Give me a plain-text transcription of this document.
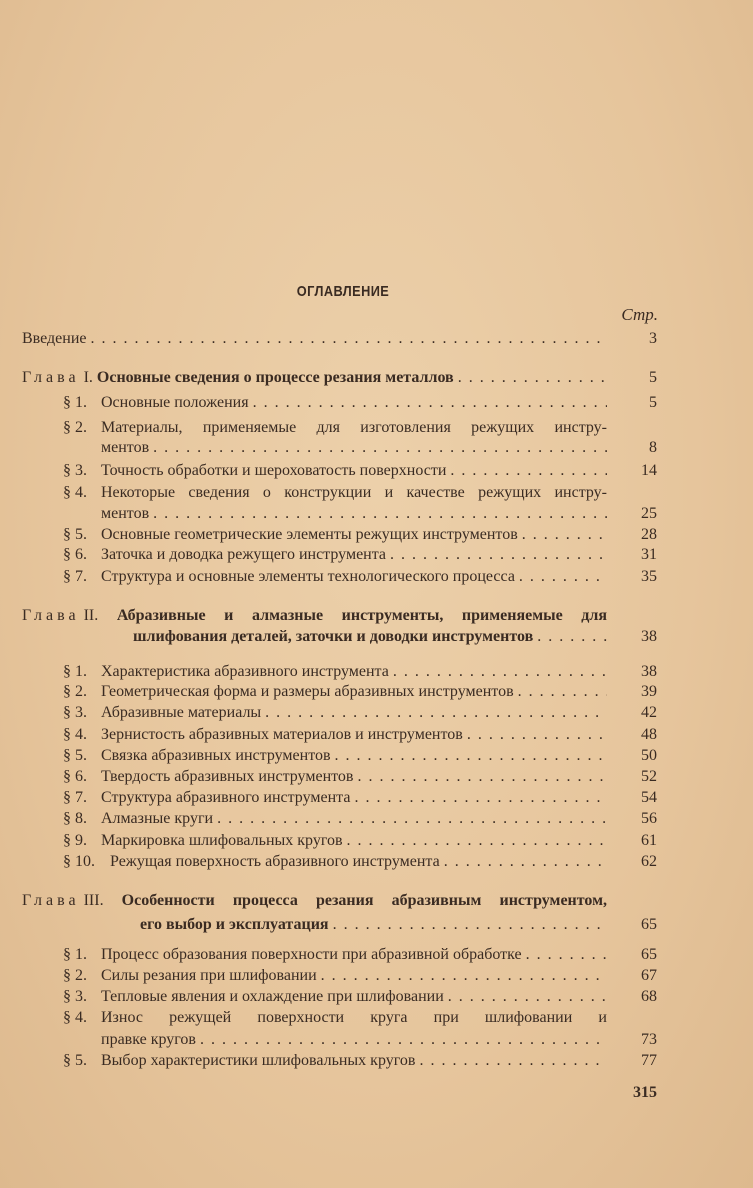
ОГЛАВЛЕНИЕ
Стр.
315
Введение . . .	3
Глава I. Основные сведения о процессе резания металлов . . .	5
§ 1. Основные положения . . .	5
§ 2. Материалы, применяемые для изготовления режущих инстру-
ментов . . .	8
§ 3. Точность обработки и шероховатость поверхности . . .	14
§ 4. Некоторые сведения о конструкции и качестве режущих инстру-
ментов . . .	25
§ 5. Основные геометрические элементы режущих инструментов . . .	28
§ 6. Заточка и доводка режущего инструмента . . .	31
§ 7. Структура и основные элементы технологического процесса . . .	35
Глава II. Абразивные и алмазные инструменты, применяемые для
шлифования деталей, заточки и доводки инструментов . . .	38
§ 1. Характеристика абразивного инструмента . . .	38
§ 2. Геометрическая форма и размеры абразивных инструментов . . .	39
§ 3. Абразивные материалы . . .	42
§ 4. Зернистость абразивных материалов и инструментов . . .	48
§ 5. Связка абразивных инструментов . . .	50
§ 6. Твердость абразивных инструментов . . .	52
§ 7. Структура абразивного инструмента . . .	54
§ 8. Алмазные круги . . .	56
§ 9. Маркировка шлифовальных кругов . . .	61
§ 10. Режущая поверхность абразивного инструмента . . .	62
Глава III. Особенности процесса резания абразивным инструментом,
его выбор и эксплуатация . . .	65
§ 1. Процесс образования поверхности при абразивной обработке . . .	65
§ 2. Силы резания при шлифовании . . .	67
§ 3. Тепловые явления и охлаждение при шлифовании . . .	68
§ 4. Износ режущей поверхности круга при шлифовании и
правке кругов . . .	73
§ 5. Выбор характеристики шлифовальных кругов . . .	77
